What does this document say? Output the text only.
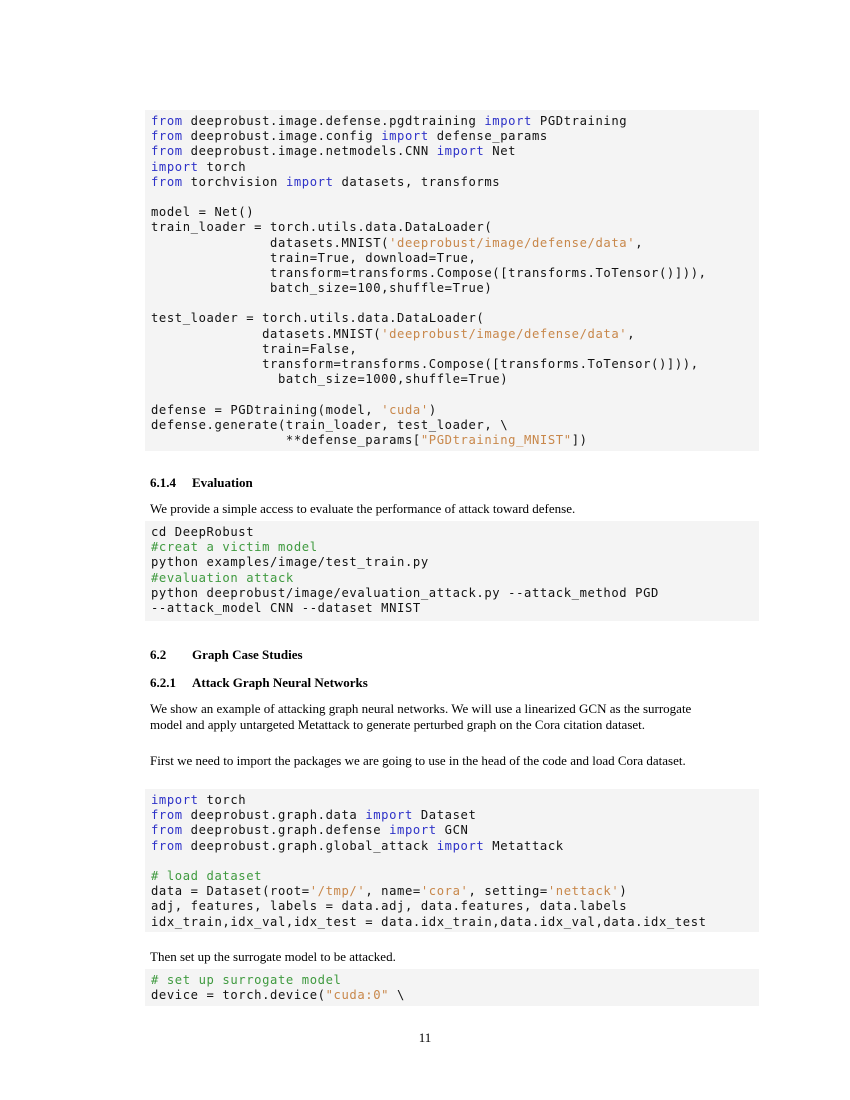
from deeprobust.image.defense.pgdtraining import PGDtraining
from deeprobust.image.config import defense_params
from deeprobust.image.netmodels.CNN import Net
import torch
from torchvision import datasets, transforms
model = Net()
train_loader = torch.utils.data.DataLoader(
datasets.MNIST('deeprobust/image/defense/data',
train=True, download=True,
transform=transforms.Compose([transforms.ToTensor()])),
batch_size=100,shuffle=True)
test_loader = torch.utils.data.DataLoader(
datasets.MNIST('deeprobust/image/defense/data',
train=False,
transform=transforms.Compose([transforms.ToTensor()])),
batch_size=1000,shuffle=True)
defense = PGDtraining(model, 'cuda')
defense.generate(train_loader, test_loader, \
**defense_params["PGDtraining_MNIST"])
6.1.4 Evaluation
We provide a simple access to evaluate the performance of attack toward defense.
cd DeepRobust
#creat a victim model
python examples/image/test_train.py
#evaluation attack
python deeprobust/image/evaluation_attack.py --attack_method PGD
--attack_model CNN --dataset MNIST
6.2 Graph Case Studies
6.2.1 Attack Graph Neural Networks
We show an example of attacking graph neural networks. We will use a linearized GCN as the surrogate model and apply untargeted Metattack to generate perturbed graph on the Cora citation dataset.
First we need to import the packages we are going to use in the head of the code and load Cora dataset.
import torch
from deeprobust.graph.data import Dataset
from deeprobust.graph.defense import GCN
from deeprobust.graph.global_attack import Metattack
# load dataset
data = Dataset(root='/tmp/', name='cora', setting='nettack')
adj, features, labels = data.adj, data.features, data.labels
idx_train,idx_val,idx_test = data.idx_train,data.idx_val,data.idx_test
Then set up the surrogate model to be attacked.
# set up surrogate model
device = torch.device("cuda:0" \
11
